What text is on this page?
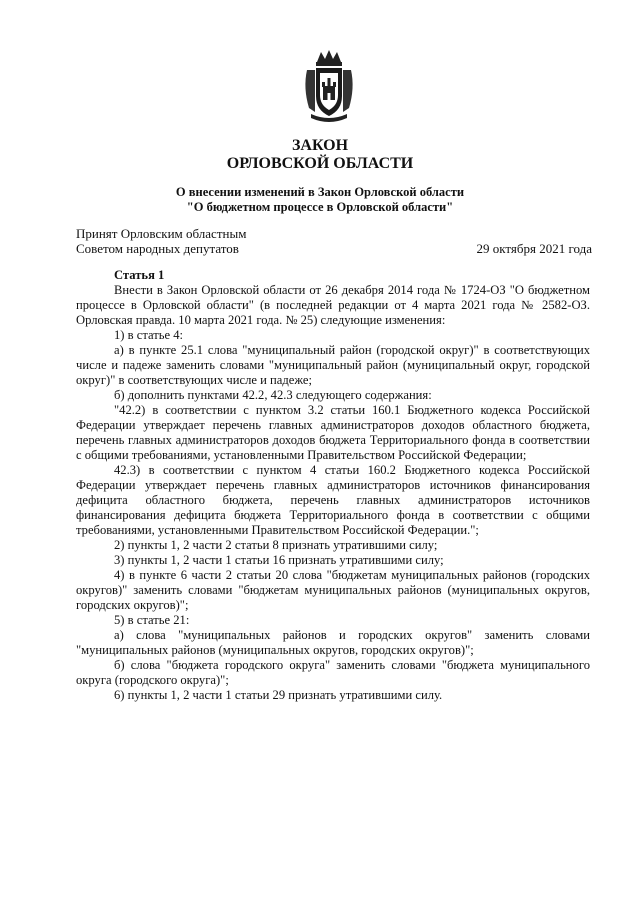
ЗАКОН
ОРЛОВСКОЙ ОБЛАСТИ
О внесении изменений в Закон Орловской области
"О бюджетном процессе в Орловской области"
Принят Орловским областным
Советом народных депутатов	29 октября 2021 года

Статья 1

Внести в Закон Орловской области от 26 декабря 2014 года № 1724-ОЗ "О бюджетном процессе в Орловской области" (в последней редакции от 4 марта 2021 года № 2582-ОЗ. Орловская правда. 10 марта 2021 года. № 25) следующие изменения:

1) в статье 4:

а) в пункте 25.1 слова "муниципальный район (городской округ)" в соответствующих числе и падеже заменить словами "муниципальный район (муниципальный округ, городской округ)" в соответствующих числе и падеже;

б) дополнить пунктами 42.2, 42.3 следующего содержания:

"42.2) в соответствии с пунктом 3.2 статьи 160.1 Бюджетного кодекса Российской Федерации утверждает перечень главных администраторов доходов областного бюджета, перечень главных администраторов доходов бюджета Территориального фонда в соответствии с общими требованиями, установленными Правительством Российской Федерации;

42.3) в соответствии с пунктом 4 статьи 160.2 Бюджетного кодекса Российской Федерации утверждает перечень главных администраторов источников финансирования дефицита областного бюджета, перечень главных администраторов источников финансирования дефицита бюджета Территориального фонда в соответствии с общими требованиями, установленными Правительством Российской Федерации.";

2) пункты 1, 2 части 2 статьи 8 признать утратившими силу;

3) пункты 1, 2 части 1 статьи 16 признать утратившими силу;

4) в пункте 6 части 2 статьи 20 слова "бюджетам муниципальных районов (городских округов)" заменить словами "бюджетам муниципальных районов (муниципальных округов, городских округов)";

5) в статье 21:

а) слова "муниципальных районов и городских округов" заменить словами "муниципальных районов (муниципальных округов, городских округов)";

б) слова "бюджета городского округа" заменить словами "бюджета муниципального округа (городского округа)";

6) пункты 1, 2 части 1 статьи 29 признать утратившими силу.
